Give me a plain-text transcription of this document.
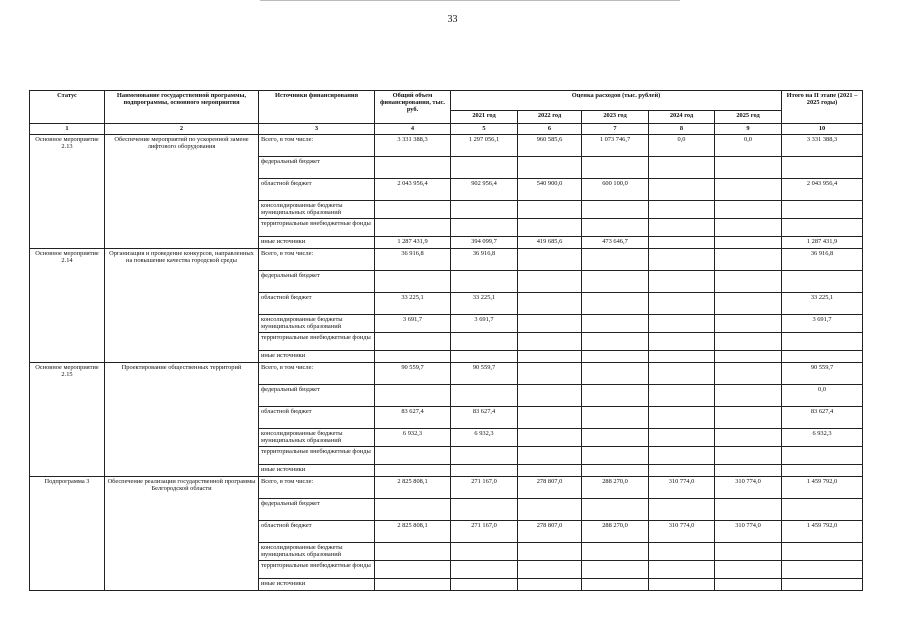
33
Статус	Наименование государственной программы, подпрограммы, основного мероприятия	Источники финансирования	Общий объем финансирования, тыс. руб.	Оценка расходов (тыс. рублей)					Итого на II этапе (2021 – 2025 годы)
				2021 год	2022 год	2023 год	2024 год	2025 год	
1	2	3	4	5	6	7	8	9	10
Основное мероприятие 2.13	Обеспечение мероприятий по ускоренной замене лифтового оборудования	Всего, в том числе:	3 331 388,3	1 297 056,1	960 585,6	1 073 746,7	0,0	0,0	3 331 388,3
		федеральный бюджет							
		областной бюджет	2 043 956,4	902 956,4	540 900,0	600 100,0			2 043 956,4
		консолидированные бюджеты муниципальных образований							
		территориальные внебюджетные фонды							
		иные источники	1 287 431,9	394 099,7	419 685,6	473 646,7			1 287 431,9
Основное мероприятие 2.14	Организация и проведение конкурсов, направленных на повышение качества городской среды	Всего, в том числе:	36 916,8	36 916,8					36 916,8
		федеральный бюджет							
		областной бюджет	33 225,1	33 225,1					33 225,1
		консолидированные бюджеты муниципальных образований	3 691,7	3 691,7					3 691,7
		территориальные внебюджетные фонды							
		иные источники							
Основное мероприятие 2.15	Проектирование общественных территорий	Всего, в том числе:	90 559,7	90 559,7					90 559,7
		федеральный бюджет							0,0
		областной бюджет	83 627,4	83 627,4					83 627,4
		консолидированные бюджеты муниципальных образований	6 932,3	6 932,3					6 932,3
		территориальные внебюджетные фонды							
		иные источники							
Подпрограмма 3	Обеспечение реализации государственной программы Белгородской области	Всего, в том числе:	2 825 808,1	271 167,0	278 807,0	288 270,0	310 774,0	310 774,0	1 459 792,0
		федеральный бюджет							
		областной бюджет	2 825 808,1	271 167,0	278 807,0	288 270,0	310 774,0	310 774,0	1 459 792,0
		консолидированные бюджеты муниципальных образований							
		территориальные внебюджетные фонды							
		иные источники							
